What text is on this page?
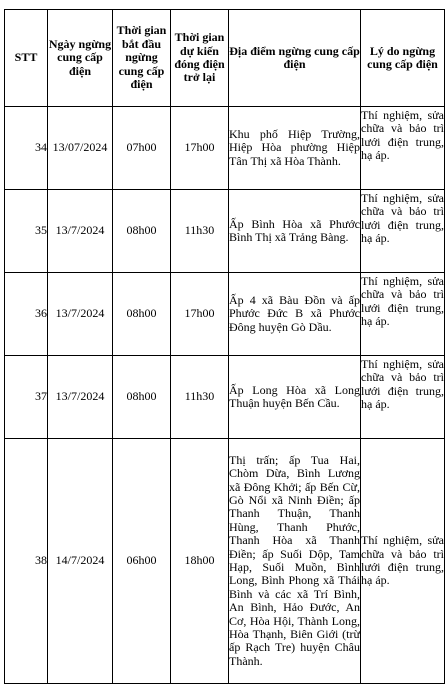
STT	Ngày ngừng cung cấp điện	Thời gian bắt đầu ngừng cung cấp điện	Thời gian dự kiến đóng điện trở lại	Địa điểm ngừng cung cấp điện	Lý do ngừng cung cấp điện
34	13/07/2024	07h00	17h00	Khu phố Hiệp Trường, Hiệp Hòa phường Hiệp Tân Thị xã Hòa Thành.	Thí nghiệm, sửa chữa và bảo trì lưới điện trung, hạ áp.
35	13/7/2024	08h00	11h30	Ấp Bình Hòa xã Phước Bình Thị xã Trảng Bàng.	Thí nghiệm, sửa chữa và bảo trì lưới điện trung, hạ áp.
36	13/7/2024	08h00	17h00	Ấp 4 xã Bàu Đồn và ấp Phước Đức B xã Phước Đông huyện Gò Dầu.	Thí nghiệm, sửa chữa và bảo trì lưới điện trung, hạ áp.
37	13/7/2024	08h00	11h30	Ấp Long Hòa xã Long Thuận huyện Bến Cầu.	Thí nghiệm, sửa chữa và bảo trì lưới điện trung, hạ áp.
38	14/7/2024	06h00	18h00	Thị trấn; ấp Tua Hai, Chòm Dừa, Bình Lương xã Đông Khởi; ấp Bến Cừ, Gò Nổi xã Ninh Điền; ấp Thanh Thuận, Thanh Hùng, Thanh Phước, Thanh Hòa xã Thanh Điền; ấp Suối Dộp, Tam Hạp, Suối Muồn, Bình Long, Bình Phong xã Thái Bình và các xã Trí Bình, An Bình, Hảo Đước, An Cơ, Hòa Hội, Thành Long, Hòa Thạnh, Biên Giới (trừ ấp Rạch Tre) huyện Châu Thành.	Thí nghiệm, sửa chữa và bảo trì lưới điện trung, hạ áp.
